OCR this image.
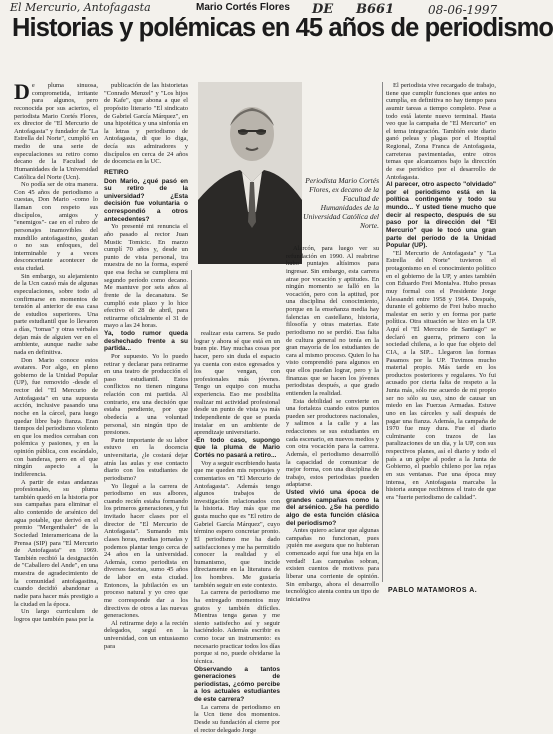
El Mercurio, Antofagasta	Mario Cortés Flores DE B661	08-06-1997
Historias y polémicas en 45 años de periodismo

De pluma sinuosa, comprometida, irritante para algunos, pero reconocida por sus aciertos, el periodista Mario Cortés Flores, ex director de "El Mercurio de Antofagasta" y fundador de "La Estrella del Norte", cumplió en medio de una serie de especulaciones su retiro como decano de la Facultad de Humanidades de la Universidad Católica del Norte (Ucn).

No podía ser de otra manera. Con 45 años de periodismo a cuestas, Don Mario -como lo llaman con respeto sus discípulos, amigos y "enemigos"- cae en el rubro de personajes inamovibles del mundillo antofagastino, gustan o no sus enfoques, del interminable y a veces desconcertante acontecer de esta ciudad.

Sin embargo, su alejamiento de la Ucn causó más de algunas especulaciones, sobre todo al confirmarse en momentos de tensión al anterior de esa casa de estudios superiores. Una parte estudiantil que lo llevaron a días, "tomas" y otras verbales dejan más de alguien ver en el ambiente, aunque nadie sabe nada en definitiva.

Don Mario conoce estos avatares. Por algo, en pleno gobierno de la Unidad Popular (UP), fue removido -desde el rector del "El Mercurio de Antofagasta" en una supuesta acción, inclusive pasando una noche en la cárcel, para luego quedar libre bajo fianza. Eran tiempos del periodismo violento en que los medios cerraban con polémica y pasiones, y en la opinión pública, con escándalo, con banderas, pero en el que ningún aspecto a la indiferencia.

A partir de estas andanzas profesionales, su pluma también quedó en la historia por sus campañas para eliminar el alto contenido de arsénico del agua potable, que derivó en el premio "Mergenthaler" de la Sociedad Interamericana de la Prensa (SIP) para "El Mercurio de Antofagasta" en 1969. También recibió la designación de "Caballero del Ande", en una muestra de agradecimiento de la comunidad antofagastina, cuando decidió abandonar a nadie para hacer más prestigio a la ciudad en la época.

Un largo curriculum de logros que también pasa por la

publicación de las historietas "Conrado Menzel" y "Los hijos de Kafe", que abona a que el propósito literario "El sindicato de Gabriel García Márquez", en una hipotética y una sinfonía en la letras y periodismo de Antofagasta, di que lo diga, decía sus admiradores y discípulos en cerca de 24 años de docencia en la UC.

RETIRO

Don Mario, ¿qué pasó en su retiro de la universidad? ¿Esta decisión fue voluntaria o correspondió a otros antecedentes?

Yo presenté mi renuncia el año pasado al rector Juan Mustic Tomicic. En marzo cumplí 70 años y, desde un punto de vista personal, tra muestra de no la forma, esperé que esa fecha se cumpliera mi segundo período como decano. Me mantuve por seis años al frente de la decanatura. Se cumplió este plazo y lo hice efectivo el 28 de abril, para retirarme oficialmente el 31 de mayo a las 24 horas.

Ya, todo rumor queda deshechado frente a su partida...

Por supuesto. Yo lo puedo retirar y declarar para retirarme en una teatro de producción el paso estudiantil. Estos conflictos no tienen ninguna relación con mi partida. Al contrario, era una decisión que estaba pendiente, por que obedecía a una voluntad personal, sin ningún tipo de presiones.

Parte importante de su labor estuvo en la docencia universitaria, ¿le costará dejar atrás las aulas y ese contacto diario con los estudiantes de periodismo?

Yo llegué a la carrera de periodismo en sus albores, cuando recién estaba formando los primeros generaciones, y fui invitado hacer clases por el director de "El Mercurio de Antofagasta". Sumando mis clases horas, medias jornadas y podemos plantar tengo cerca de 24 años en la universidad. Además, como periodista en diversos facetas, sumo 45 años de labor en esta ciudad. Entonces, la jubilación es un proceso natural y yo creo que me corresponde dar a los directivos de otros a las nuevas generaciones.

Al retirarme dejo a la recién delegados, seguí en la universidad, con un entusiasmo para

Periodista Mario Cortés Flores, ex decano de la Facultad de Humanidades de la Universidad Católica del Norte.

realizar esta carrera. Se pudo lograr y ahora sé que está en un buen pie. Hay muchas cosas por hacer, pero sin duda el espacio ya cuenta con estos egresados y los que vengan, con profesionales más jóvenes. Tengo un equipo con mucha experiencia. Eso me posibilita realizar mi actividad profesional desde un punto de vista ya más independiente de que se pueda instalar en un ambiente de aprendizaje universitario.

-En todo caso, supongo que la pluma de Mario Cortés no pasará a retiro...

Voy a seguir escribiendo hasta que me queden mis reportajes y comentarios en "El Mercurio de Antofagasta". Además tengo algunos trabajos de investigación relacionados con la historia. Hay más que me gusta mucho que es "El retiro de Gabriel García Márquez", cuyo término espero concretar pronto. El periodismo me ha dado satisfacciones y me ha permitido conocer la realidad y el humanismo, que incide directamente en la literatura de los hombres. Me gustaría también seguir en este contexto.

La carrera de periodismo me ha entregado momentos muy gratos y también difíciles. Mientras tenga ganas y me siento satisfecho así y seguir haciéndolo. Además escribir es como tocar un instrumento: es necesario practicar todos los días porque si no, puede olvidarse la técnica.

Observando a tantos generaciones de periodistas, ¿cómo percibe a los actuales estudiantes de este carrera?

La carrera de periodismo en la Ucn tiene dos momentos. Desde su fundación al cierre por el rector delegado Jorge

Alarcón, para luego ver su refundación en 1990. Al reabrirse hubo puntajes altísimos para ingresar. Sin embargo, esta carrera atrae por vocación y aptitudes. En ningún momento se falló en la vocación, pero con la aptitud, por una disciplina del conocimiento, porque en la enseñanza media hay falencias en castellano, historia, filosofía y otras materias. Este periodismo no se perdió. Esa falta de cultura general no tenía en la gran mayoría de los estudiantes de cara al mismo proceso. Quien lo ha visto comprendió para algunos en que ellos puedan lograr, pero y la finanzas que se hacen los jóvenes periodistas después, a que grado entienden la realidad.

Esta debilidad se convierte en una fortaleza cuando estos puntos pueden ser productores nacionales, y salimos a la calle y a las redacciones se sus estudiantes en cada escenario, en nuevos medios y con otra vocación para la carrera. Además, el periodismo desarrolló la capacidad de comunicar de mejor forma, con una disciplina de trabajo, estos periodistas pueden adaptarse.

Usted vivió una época de grandes campañas como la del arsénico. ¿Se ha perdido algo de esta función clásica del periodismo?

Antes quiero aclarar que algunas campañas no funcionan, pues ¡quién me asegura que no hubieran comenzado aquí fue una hija en la verdad! Las campañas sobran, existen cuentos de motivos para liberar una corriente de opinión. Sin embargo, ahora el desarrollo tecnológico atenta contra un tipo de iniciativa

El periodista vive recargado de trabajo, tiene que cumplir funciones que antes no cumplía, en definitiva no hay tiempo para asumir tareas a tiempo completo. Pese a todo está latente nuevo terminal. Hasta veo que la campaña de "El Mercurio" en el tema integración. También este diario ganó peleas y plagas por el Hospital Regional, Zona Franca de Antofagasta, carreteras pavimentadas, entre otros temas que alcanzamos bajo la dirección de ese periódico por el desarrollo de Antofagasta.

Al parecer, otro aspecto "olvidado" por el periodismo está en la política contingente y todo su mundo... Y usted tiene mucho que decir al respecto, después de su paso por la dirección del "El Mercurio" que le tocó una gran parte del período de la Unidad Popular (UP).

"El Mercurio de Antofagasta" y "La Estrella del Norte" tuvieron el protagonismo en el conocimiento político en el gobierno de la UP, y antes también con Eduardo Frei Montalva. Hubo presas muy formal con el Presidente Jorge Alessandri entre 1958 y 1964. Después, durante el gobierno de Frei hubo mucho malestar en serio y en forma por parte política. Otra situación se hizo en la UP. Aquí el "El Mercurio de Santiago" se declaró en guerra, primero con la sociedad chilena, a lo que fue objeto del CIA, a la SIP... Llegaron las formas Pasamos por la UP. Tuvimos mucho material propio. Más tarde en los productos posteriores y regulares. Yo fui acusado por cierta falta de respeto a la Junta más, sólo me acuerdo de mi propio ser no sólo su uso, sino de causar un miedo en las Fuerzas Armadas. Estuve uno en las cárceles y salí después de pagar una fianza. Además, la campaña de 1970 fue muy dura. Fue el diario culminante con trazos de las paralizaciones de un día, y la UP, con sus respectivos planes, así el diario y todo el país a un golpe al poder a la Junta de Gobierno, el pueblo chileno por las rejas en sus ventanas. Fue una época muy intensa, en Antofagasta marcaba la historia aunque recibimos el trato de que era "fuerte periodismo de calidad".

PABLO MATAMOROS A.
